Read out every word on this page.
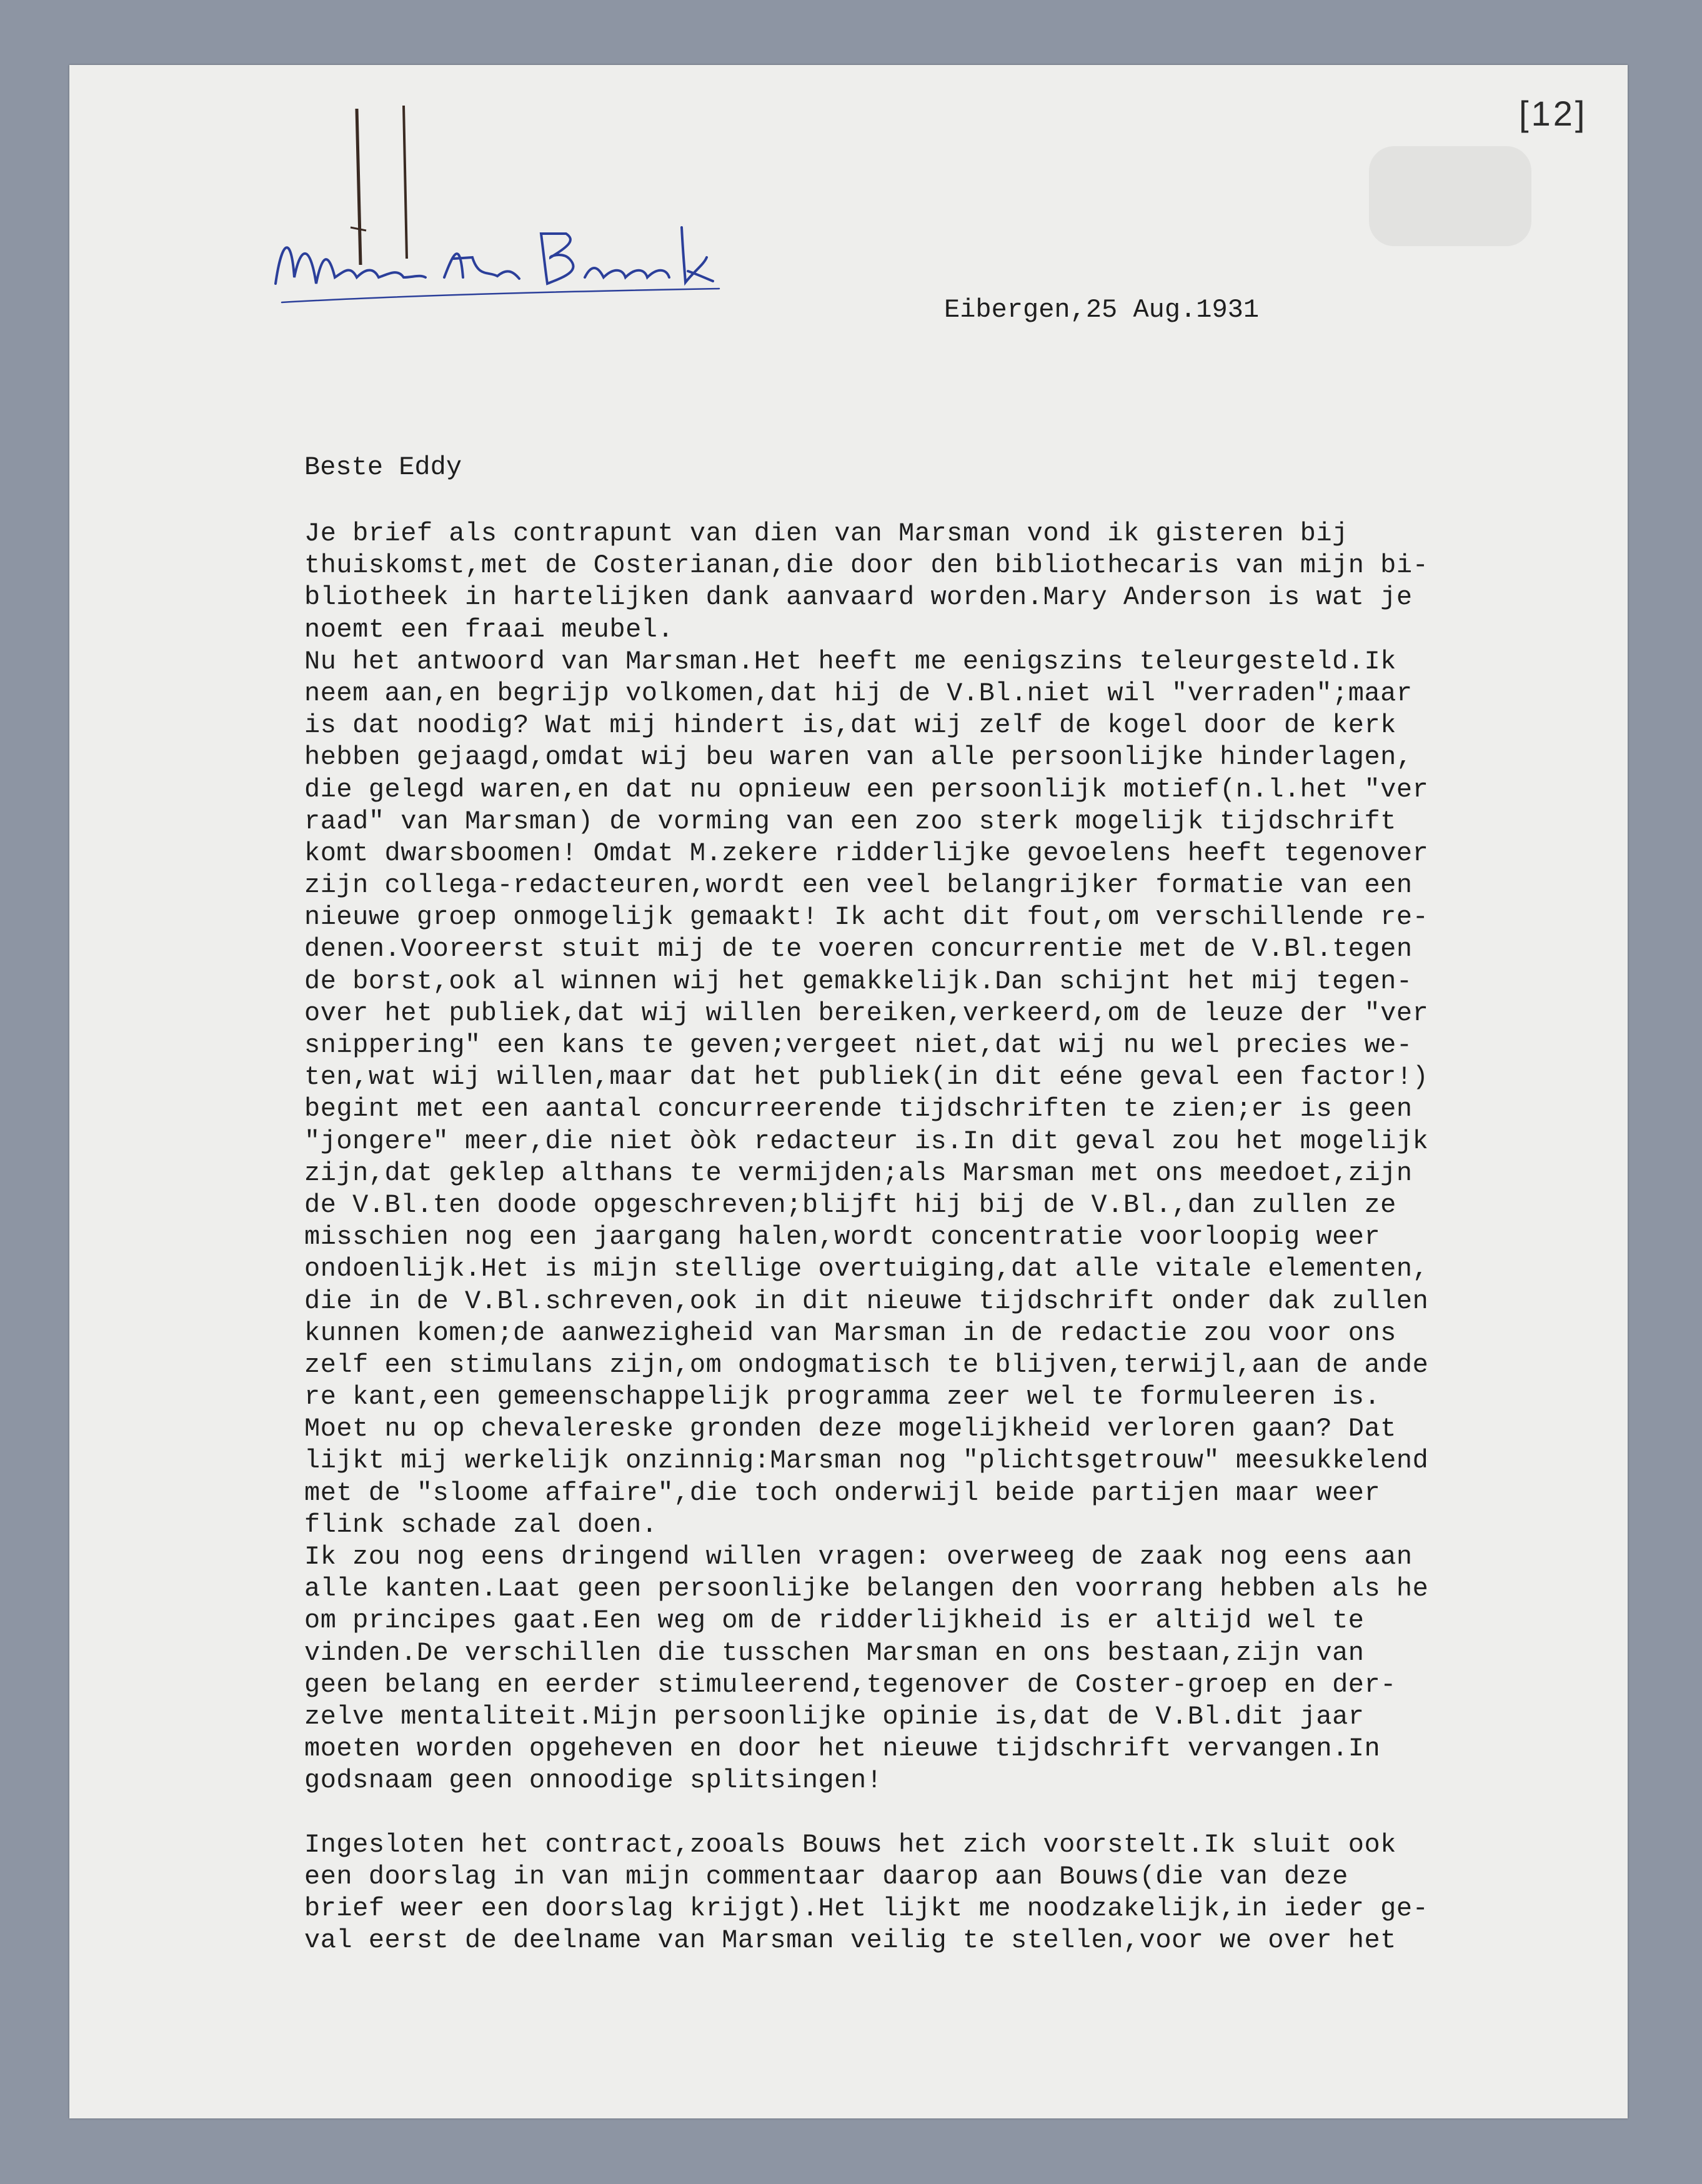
[12]
Eibergen,25 Aug.1931
Beste Eddy
Je brief als contrapunt van dien van Marsman vond ik gisteren bij
thuiskomst,met de Costerianan,die door den bibliothecaris van mijn bi-
bliotheek in hartelijken dank aanvaard worden.Mary Anderson is wat je
noemt een fraai meubel.
Nu het antwoord van Marsman.Het heeft me eenigszins teleurgesteld.Ik
neem aan,en begrijp volkomen,dat hij de V.Bl.niet wil "verraden";maar
is dat noodig? Wat mij hindert is,dat wij zelf de kogel door de kerk
hebben gejaagd,omdat wij beu waren van alle persoonlijke hinderlagen,
die gelegd waren,en dat nu opnieuw een persoonlijk motief(n.l.het "ver
raad" van Marsman) de vorming van een zoo sterk mogelijk tijdschrift
komt dwarsboomen! Omdat M.zekere ridderlijke gevoelens heeft tegenover
zijn collega-redacteuren,wordt een veel belangrijker formatie van een
nieuwe groep onmogelijk gemaakt! Ik acht dit fout,om verschillende re-
denen.Vooreerst stuit mij de te voeren concurrentie met de V.Bl.tegen
de borst,ook al winnen wij het gemakkelijk.Dan schijnt het mij tegen-
over het publiek,dat wij willen bereiken,verkeerd,om de leuze der "ver
snippering" een kans te geven;vergeet niet,dat wij nu wel precies we-
ten,wat wij willen,maar dat het publiek(in dit eéne geval een factor!)
begint met een aantal concurreerende tijdschriften te zien;er is geen
"jongere" meer,die niet òòk redacteur is.In dit geval zou het mogelijk
zijn,dat geklep althans te vermijden;als Marsman met ons meedoet,zijn
de V.Bl.ten doode opgeschreven;blijft hij bij de V.Bl.,dan zullen ze
misschien nog een jaargang halen,wordt concentratie voorloopig weer
ondoenlijk.Het is mijn stellige overtuiging,dat alle vitale elementen,
die in de V.Bl.schreven,ook in dit nieuwe tijdschrift onder dak zullen
kunnen komen;de aanwezigheid van Marsman in de redactie zou voor ons
zelf een stimulans zijn,om ondogmatisch te blijven,terwijl,aan de ande
re kant,een gemeenschappelijk programma zeer wel te formuleeren is.
Moet nu op chevalereske gronden deze mogelijkheid verloren gaan? Dat
lijkt mij werkelijk onzinnig:Marsman nog "plichtsgetrouw" meesukkelend
met de "sloome affaire",die toch onderwijl beide partijen maar weer
flink schade zal doen.
Ik zou nog eens dringend willen vragen: overweeg de zaak nog eens aan
alle kanten.Laat geen persoonlijke belangen den voorrang hebben als he
om principes gaat.Een weg om de ridderlijkheid is er altijd wel te
vinden.De verschillen die tusschen Marsman en ons bestaan,zijn van
geen belang en eerder stimuleerend,tegenover de Coster-groep en der-
zelve mentaliteit.Mijn persoonlijke opinie is,dat de V.Bl.dit jaar
moeten worden opgeheven en door het nieuwe tijdschrift vervangen.In
godsnaam geen onnoodige splitsingen!
Ingesloten het contract,zooals Bouws het zich voorstelt.Ik sluit ook
een doorslag in van mijn commentaar daarop aan Bouws(die van deze
brief weer een doorslag krijgt).Het lijkt me noodzakelijk,in ieder ge-
val eerst de deelname van Marsman veilig te stellen,voor we over het
